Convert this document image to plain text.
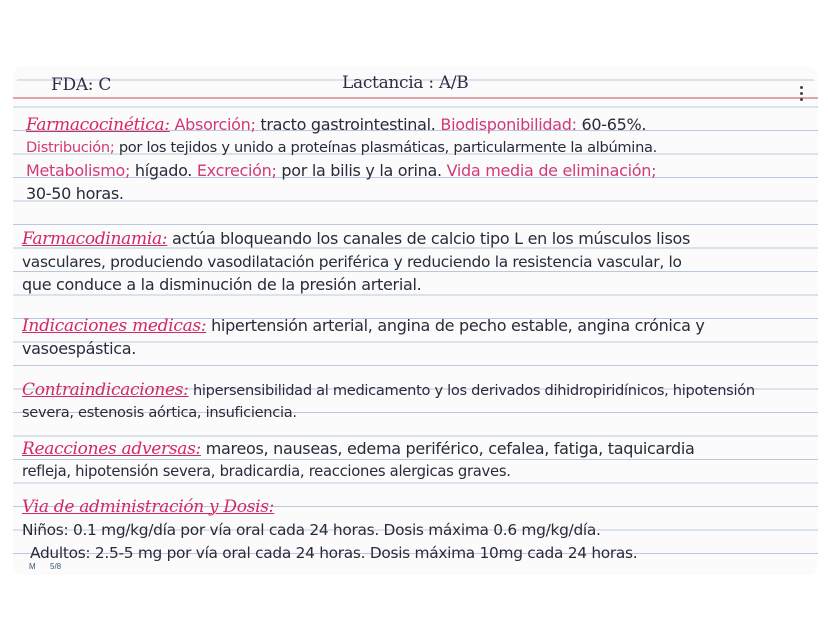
FDA: C	Lactancia : A/B
Farmacocinética: Absorción; tracto gastrointestinal. Biodisponibilidad: 60-65%.
Distribución; por los tejidos y unido a proteínas plasmáticas, particularmente la albúmina.
Metabolismo; hígado. Excreción; por la bilis y la orina. Vida media de eliminación;
30-50 horas.
Farmacodinamia: actúa bloqueando los canales de calcio tipo L en los músculos lisos
vasculares, produciendo vasodilatación periférica y reduciendo la resistencia vascular, lo
que conduce a la disminución de la presión arterial.
Indicaciones medicas: hipertensión arterial, angina de pecho estable, angina crónica y
vasoespástica.
Contraindicaciones: hipersensibilidad al medicamento y los derivados dihidropiridínicos, hipotensión
severa, estenosis aórtica, insuficiencia.
Reacciones adversas: mareos, nauseas, edema periférico, cefalea, fatiga, taquicardia
refleja, hipotensión severa, bradicardia, reacciones alergicas graves.
Via de administración y Dosis:
Niños: 0.1 mg/kg/día por vía oral cada 24 horas. Dosis máxima 0.6 mg/kg/día.
Adultos: 2.5-5 mg por vía oral cada 24 horas. Dosis máxima 10mg cada 24 horas.
M 5/8
